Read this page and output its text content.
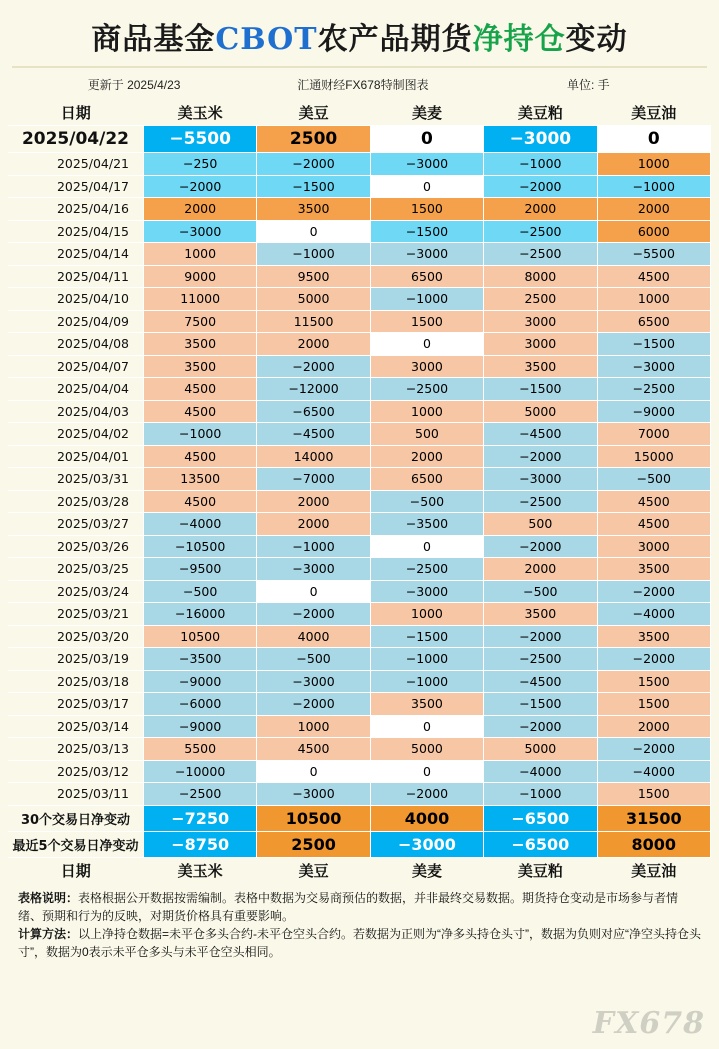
商品基金CBOT农产品期货净持仓变动
更新于 2025/4/23	汇通财经FX678特制图表	单位: 手
日期	美玉米	美豆	美麦	美豆粕	美豆油
2025/04/22	−5500	2500	0	−3000	0
2025/04/21	−250	−2000	−3000	−1000	1000
2025/04/17	−2000	−1500	0	−2000	−1000
2025/04/16	2000	3500	1500	2000	2000
2025/04/15	−3000	0	−1500	−2500	6000
2025/04/14	1000	−1000	−3000	−2500	−5500
2025/04/11	9000	9500	6500	8000	4500
2025/04/10	11000	5000	−1000	2500	1000
2025/04/09	7500	11500	1500	3000	6500
2025/04/08	3500	2000	0	3000	−1500
2025/04/07	3500	−2000	3000	3500	−3000
2025/04/04	4500	−12000	−2500	−1500	−2500
2025/04/03	4500	−6500	1000	5000	−9000
2025/04/02	−1000	−4500	500	−4500	7000
2025/04/01	4500	14000	2000	−2000	15000
2025/03/31	13500	−7000	6500	−3000	−500
2025/03/28	4500	2000	−500	−2500	4500
2025/03/27	−4000	2000	−3500	500	4500
2025/03/26	−10500	−1000	0	−2000	3000
2025/03/25	−9500	−3000	−2500	2000	3500
2025/03/24	−500	0	−3000	−500	−2000
2025/03/21	−16000	−2000	1000	3500	−4000
2025/03/20	10500	4000	−1500	−2000	3500
2025/03/19	−3500	−500	−1000	−2500	−2000
2025/03/18	−9000	−3000	−1000	−4500	1500
2025/03/17	−6000	−2000	3500	−1500	1500
2025/03/14	−9000	1000	0	−2000	2000
2025/03/13	5500	4500	5000	5000	−2000
2025/03/12	−10000	0	0	−4000	−4000
2025/03/11	−2500	−3000	−2000	−1000	1500
30个交易日净变动	−7250	10500	4000	−6500	31500
最近5个交易日净变动	−8750	2500	−3000	−6500	8000
日期	美玉米	美豆	美麦	美豆粕	美豆油
表格说明：表格根据公开数据按需编制。表格中数据为交易商预估的数据，并非最终交易数据。期货持仓变动是市场参与者情绪、预期和行为的反映，对期货价格具有重要影响。
计算方法：以上净持仓数据=未平仓多头合约-未平仓空头合约。若数据为正则为“净多头持仓头寸”，数据为负则对应“净空头持仓头寸”，数据为0表示未平仓多头与未平仓空头相同。
FX678
